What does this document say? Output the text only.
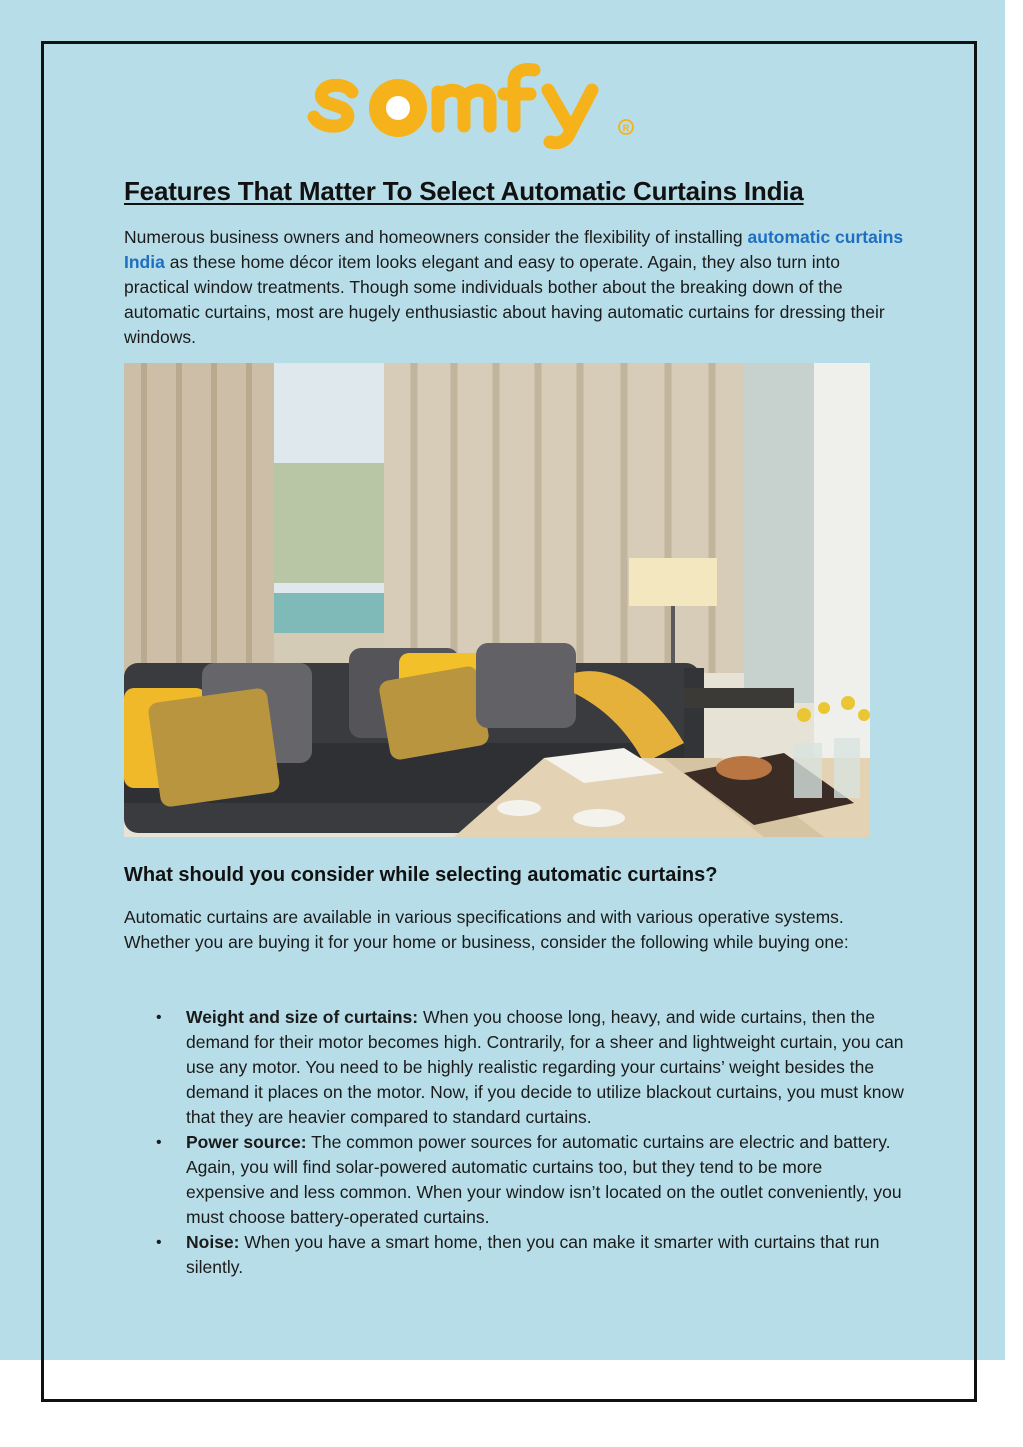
R
Features That Matter To Select Automatic Curtains India

Numerous business owners and homeowners consider the flexibility of installing automatic curtains India as these home décor item looks elegant and easy to operate. Again, they also turn into practical window treatments. Though some individuals bother about the breaking down of the automatic curtains, most are hugely enthusiastic about having automatic curtains for dressing their windows.

What should you consider while selecting automatic curtains?

Automatic curtains are available in various specifications and with various operative systems. Whether you are buying it for your home or business, consider the following while buying one:

• Weight and size of curtains: When you choose long, heavy, and wide curtains, then the demand for their motor becomes high. Contrarily, for a sheer and lightweight curtain, you can use any motor. You need to be highly realistic regarding your curtains’ weight besides the demand it places on the motor. Now, if you decide to utilize blackout curtains, you must know that they are heavier compared to standard curtains.
• Power source: The common power sources for automatic curtains are electric and battery. Again, you will find solar-powered automatic curtains too, but they tend to be more expensive and less common. When your window isn’t located on the outlet conveniently, you must choose battery-operated curtains.
• Noise: When you have a smart home, then you can make it smarter with curtains that run silently.
